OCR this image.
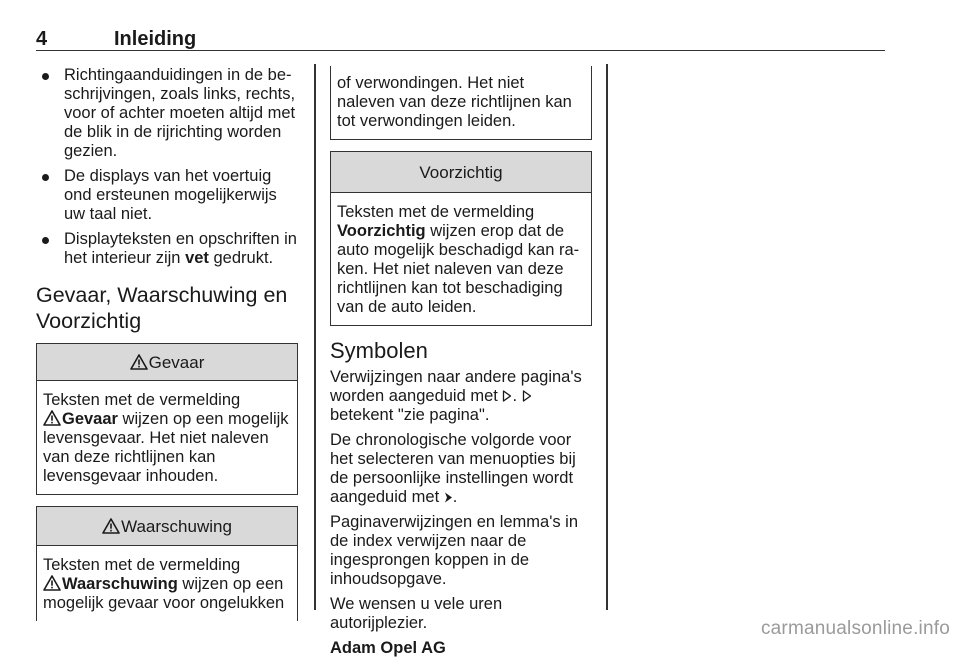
4	Inleiding
Richtingaanduidingen in de beschrijvingen, zoals links, rechts, voor of achter moeten altijd met de blik in de rijrichting worden gezien.
De displays van het voertuig ond ersteunen mogelijkerwijs uw taal niet.
Displayteksten en opschriften in het interieur zijn vet gedrukt.
Gevaar, Waarschuwing en Voorzichtig
Gevaar
Teksten met de vermelding
Gevaar wijzen op een mogelijk levensgevaar. Het niet naleven van deze richtlijnen kan levensgevaar inhouden.
Waarschuwing
Teksten met de vermelding
Waarschuwing wijzen op een mogelijk gevaar voor ongelukken
of verwondingen. Het niet naleven van deze richtlijnen kan tot verwondingen leiden.
Voorzichtig
Teksten met de vermelding
Voorzichtig wijzen erop dat de auto mogelijk beschadigd kan raken. Het niet naleven van deze richtlijnen kan tot beschadiging van de auto leiden.
Symbolen

Verwijzingen naar andere pagina's worden aangeduid met .  betekent "zie pagina".

De chronologische volgorde voor het selecteren van menuopties bij de persoonlijke instellingen wordt aangeduid met .

Paginaverwijzingen en lemma's in de index verwijzen naar de ingesprongen koppen in de inhoudsopgave.

We wensen u vele uren autorijplezier.

Adam Opel AG

carmanualsonline.info
